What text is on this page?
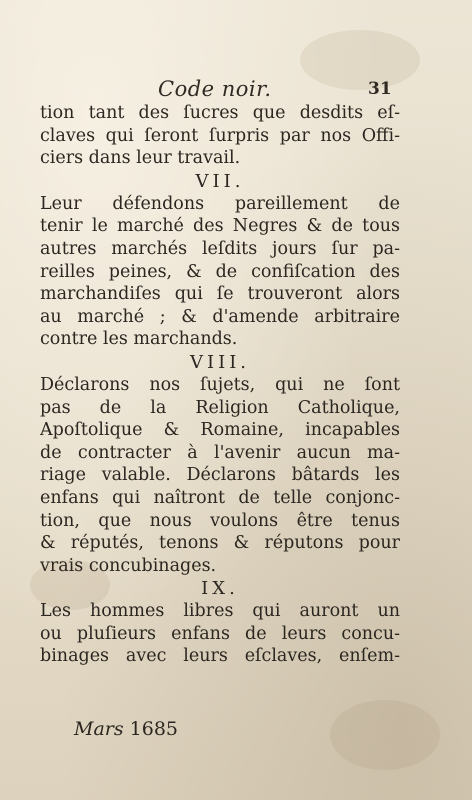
Code noir.	31
tion tant des ſucres que desdits eſ-
claves qui ſeront ſurpris par nos Offi-
ciers dans leur travail.
VII.
Leur défendons pareillement de
tenir le marché des Negres & de tous
autres marchés leſdits jours ſur pa-
reilles peines, & de confiſcation des
marchandiſes qui ſe trouveront alors
au marché ; & d'amende arbitraire
contre les marchands.
VIII.
Déclarons nos ſujets, qui ne ſont
pas de la Religion Catholique,
Apoſtolique & Romaine, incapables
de contracter à l'avenir aucun ma-
riage valable. Déclarons bâtards les
enfans qui naîtront de telle conjonc-
tion, que nous voulons être tenus
& réputés, tenons & réputons pour
vrais concubinages.
IX.
Les hommes libres qui auront un
ou pluſieurs enfans de leurs concu-
binages avec leurs eſclaves, enſem-
Mars 1685
